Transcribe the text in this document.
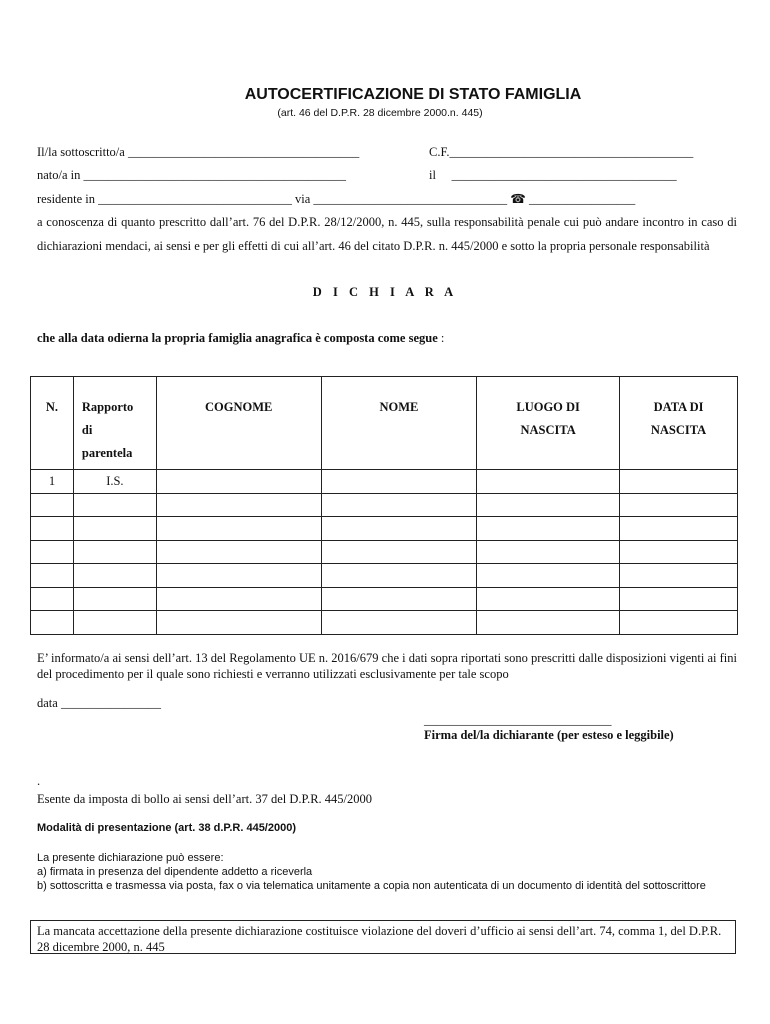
AUTOCERTIFICAZIONE DI STATO FAMIGLIA
(art. 46 del D.P.R. 28 dicembre 2000.n. 445)
Il/la sottoscritto/a _____________________________________	C.F._______________________________________
nato/a in __________________________________________	il ____________________________________
residente in _______________________________ via _______________________________ ☎ _________________
a conoscenza di quanto prescritto dall’art. 76 del D.P.R. 28/12/2000, n. 445, sulla responsabilità penale cui può andare incontro in caso di dichiarazioni mendaci, ai sensi e per gli effetti di cui all’art. 46 del citato D.P.R. n. 445/2000 e sotto la propria personale responsabilità
D I C H I A R A
che alla data odierna la propria famiglia anagrafica è composta come segue :
N.	Rapporto di parentela	COGNOME	NOME	LUOGO DI NASCITA	DATA DI NASCITA
1	I.S.				

E’ informato/a ai sensi dell’art. 13 del Regolamento UE n. 2016/679 che i dati sopra riportati sono prescritti dalle disposizioni vigenti ai fini del procedimento per il quale sono richiesti e verranno utilizzati esclusivamente per tale scopo
data ________________
______________________________
Firma del/la dichiarante (per esteso e leggibile)
.
Esente da imposta di bollo ai sensi dell’art. 37 del D.P.R. 445/2000
Modalità di presentazione (art. 38 d.P.R. 445/2000)
La presente dichiarazione può essere:
a) firmata in presenza del dipendente addetto a riceverla
b) sottoscritta e trasmessa via posta, fax o via telematica unitamente a copia non autenticata di un documento di identità del sottoscrittore
La mancata accettazione della presente dichiarazione costituisce violazione del doveri d’ufficio ai sensi dell’art. 74, comma 1, del D.P.R. 28 dicembre 2000, n. 445
